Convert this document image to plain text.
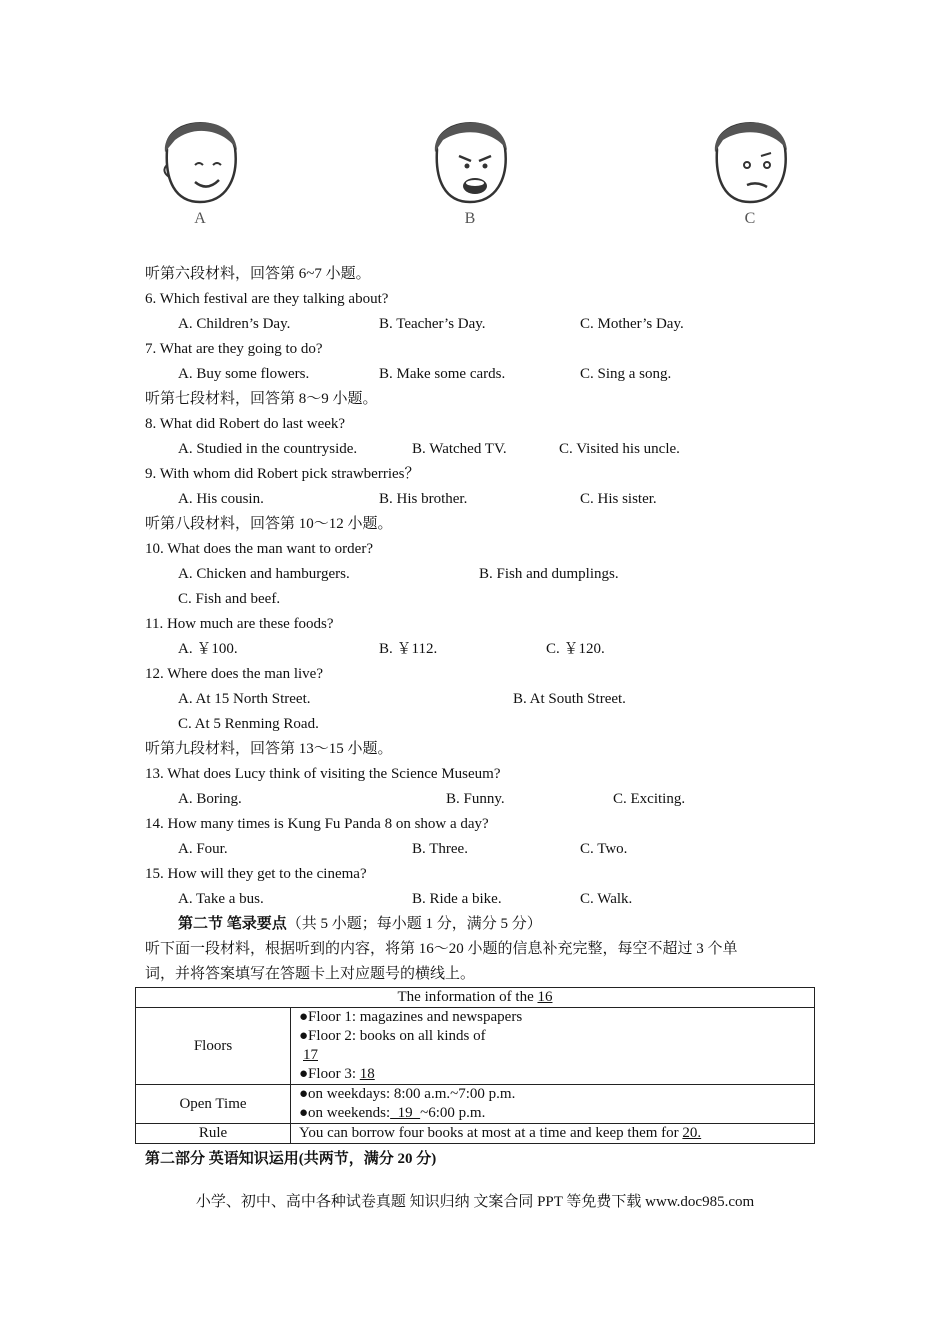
A	B	C
听第六段材料，回答第 6~7 小题。
6. Which festival are they talking about?
A. Children’s Day.	B. Teacher’s Day.	C. Mother’s Day.
7. What are they going to do?
A. Buy some flowers.	B. Make some cards.	C. Sing a song.
听第七段材料，回答第 8～9 小题。
8. What did Robert do last week?
A. Studied in the countryside.	B. Watched TV.	C. Visited his uncle.
9. With whom did Robert pick strawberries？
A. His cousin.	B. His brother.	C. His sister.
听第八段材料，回答第 10～12 小题。
10. What does the man want to order?
A. Chicken and hamburgers.	B. Fish and dumplings.
C. Fish and beef.
11. How much are these foods?
A. ￥100.	B. ￥112.	C. ￥120.
12. Where does the man live?
A. At 15 North Street.	B. At South Street.
C. At 5 Renming Road.
听第九段材料，回答第 13～15 小题。
13. What does Lucy think of visiting the Science Museum?
A. Boring.	B. Funny.	C. Exciting.
14. How many times is Kung Fu Panda 8 on show a day?
A. Four.	B. Three.	C. Two.
15. How will they get to the cinema?
A. Take a bus.	B. Ride a bike.	C. Walk.
第二节 笔录要点（共 5 小题；每小题 1 分，满分 5 分）
听下面一段材料，根据听到的内容，将第 16～20 小题的信息补充完整，每空不超过 3 个单
词，并将答案填写在答题卡上对应题号的横线上。
The information of the 16	
Floors	●Floor 1: magazines and newspapers
●Floor 2: books on all kinds of
17
●Floor 3: 18

Open Time	●on weekdays: 8:00 a.m.~7:00 p.m.
●on weekends:  19  ~6:00 p.m.

Rule	You can borrow four books at most at a time and keep them for 20.
第二部分 英语知识运用(共两节，满分 20 分)
小学、初中、高中各种试卷真题 知识归纳 文案合同 PPT 等免费下载 www.doc985.com
